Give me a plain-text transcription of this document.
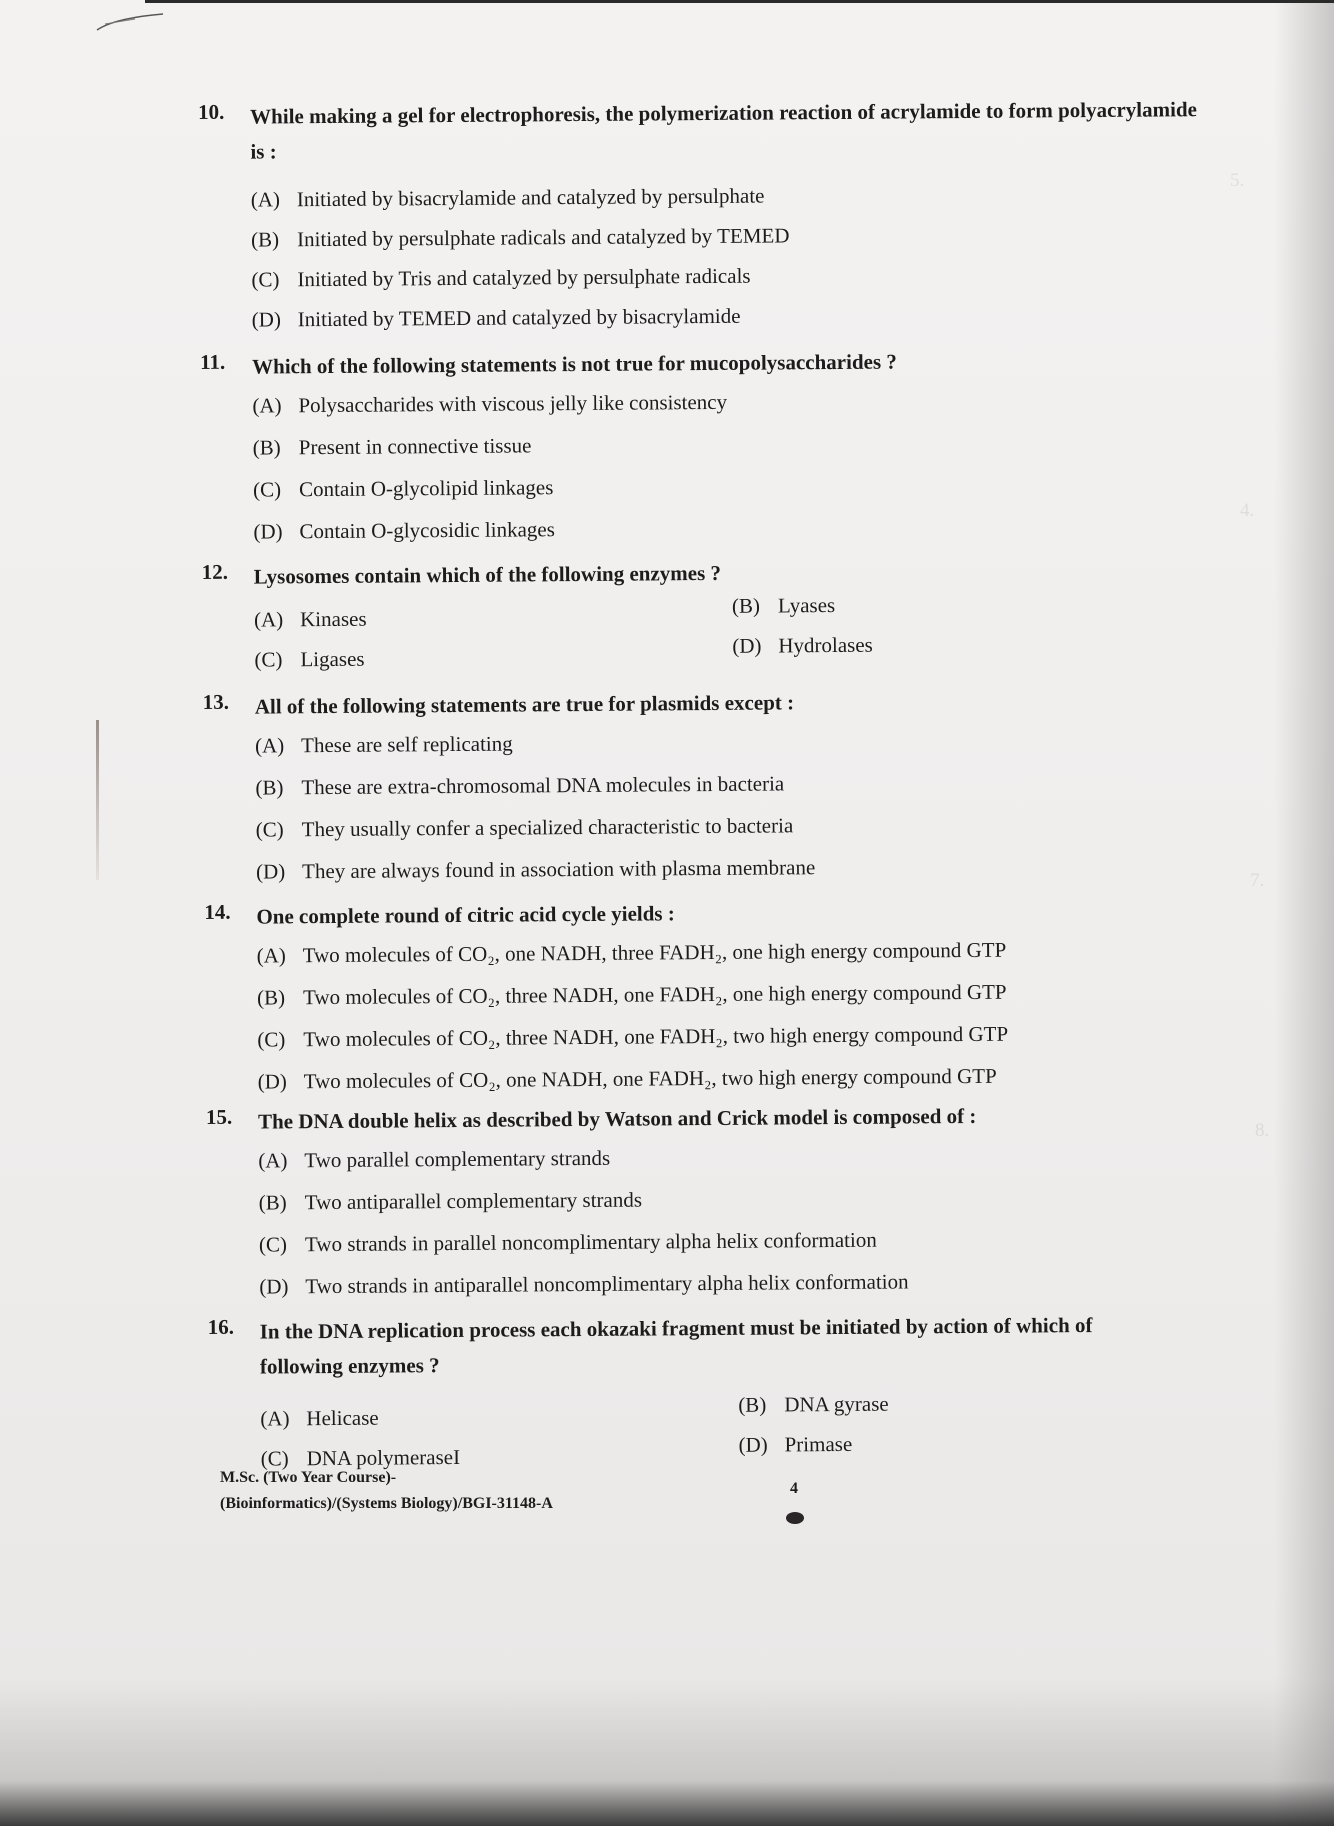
5.
4.
7.
8.
10. While making a gel for electrophoresis, the polymerization reaction of acrylamide to form polyacrylamide
is :
(A) Initiated by bisacrylamide and catalyzed by persulphate
(B) Initiated by persulphate radicals and catalyzed by TEMED
(C) Initiated by Tris and catalyzed by persulphate radicals
(D) Initiated by TEMED and catalyzed by bisacrylamide
11. Which of the following statements is not true for mucopolysaccharides ?
(A) Polysaccharides with viscous jelly like consistency
(B) Present in connective tissue
(C) Contain O-glycolipid linkages
(D) Contain O-glycosidic linkages
12. Lysosomes contain which of the following enzymes ?
(A) Kinases
(B) Lyases
(C) Ligases
(D) Hydrolases
13. All of the following statements are true for plasmids except :
(A) These are self replicating
(B) These are extra-chromosomal DNA molecules in bacteria
(C) They usually confer a specialized characteristic to bacteria
(D) They are always found in association with plasma membrane
14. One complete round of citric acid cycle yields :
(A) Two molecules of CO₂, one NADH, three FADH₂, one high energy compound GTP
(B) Two molecules of CO₂, three NADH, one FADH₂, one high energy compound GTP
(C) Two molecules of CO₂, three NADH, one FADH₂, two high energy compound GTP
(D) Two molecules of CO₂, one NADH, one FADH₂, two high energy compound GTP
15. The DNA double helix as described by Watson and Crick model is composed of :
(A) Two parallel complementary strands
(B) Two antiparallel complementary strands
(C) Two strands in parallel noncomplimentary alpha helix conformation
(D) Two strands in antiparallel noncomplimentary alpha helix conformation
16. In the DNA replication process each okazaki fragment must be initiated by action of which of
following enzymes ?
(A) Helicase
(B) DNA gyrase
(C) DNA polymeraseI
(D) Primase
M.Sc. (Two Year Course)-
(Bioinformatics)/(Systems Biology)/BGI-31148-A
4
